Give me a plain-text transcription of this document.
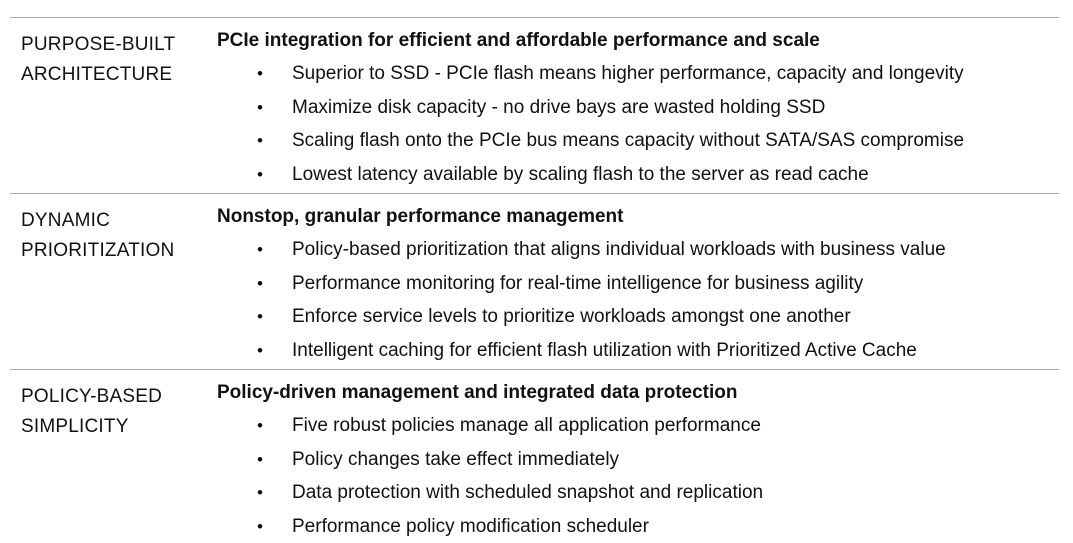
PURPOSE-BUILT
ARCHITECTURE
PCIe integration for efficient and affordable performance and scale
• Superior to SSD - PCIe flash means higher performance, capacity and longevity
• Maximize disk capacity - no drive bays are wasted holding SSD
• Scaling flash onto the PCIe bus means capacity without SATA/SAS compromise
• Lowest latency available by scaling flash to the server as read cache
DYNAMIC
PRIORITIZATION
Nonstop, granular performance management
• Policy-based prioritization that aligns individual workloads with business value
• Performance monitoring for real-time intelligence for business agility
• Enforce service levels to prioritize workloads amongst one another
• Intelligent caching for efficient flash utilization with Prioritized Active Cache
POLICY-BASED
SIMPLICITY
Policy-driven management and integrated data protection
• Five robust policies manage all application performance
• Policy changes take effect immediately
• Data protection with scheduled snapshot and replication
• Performance policy modification scheduler
